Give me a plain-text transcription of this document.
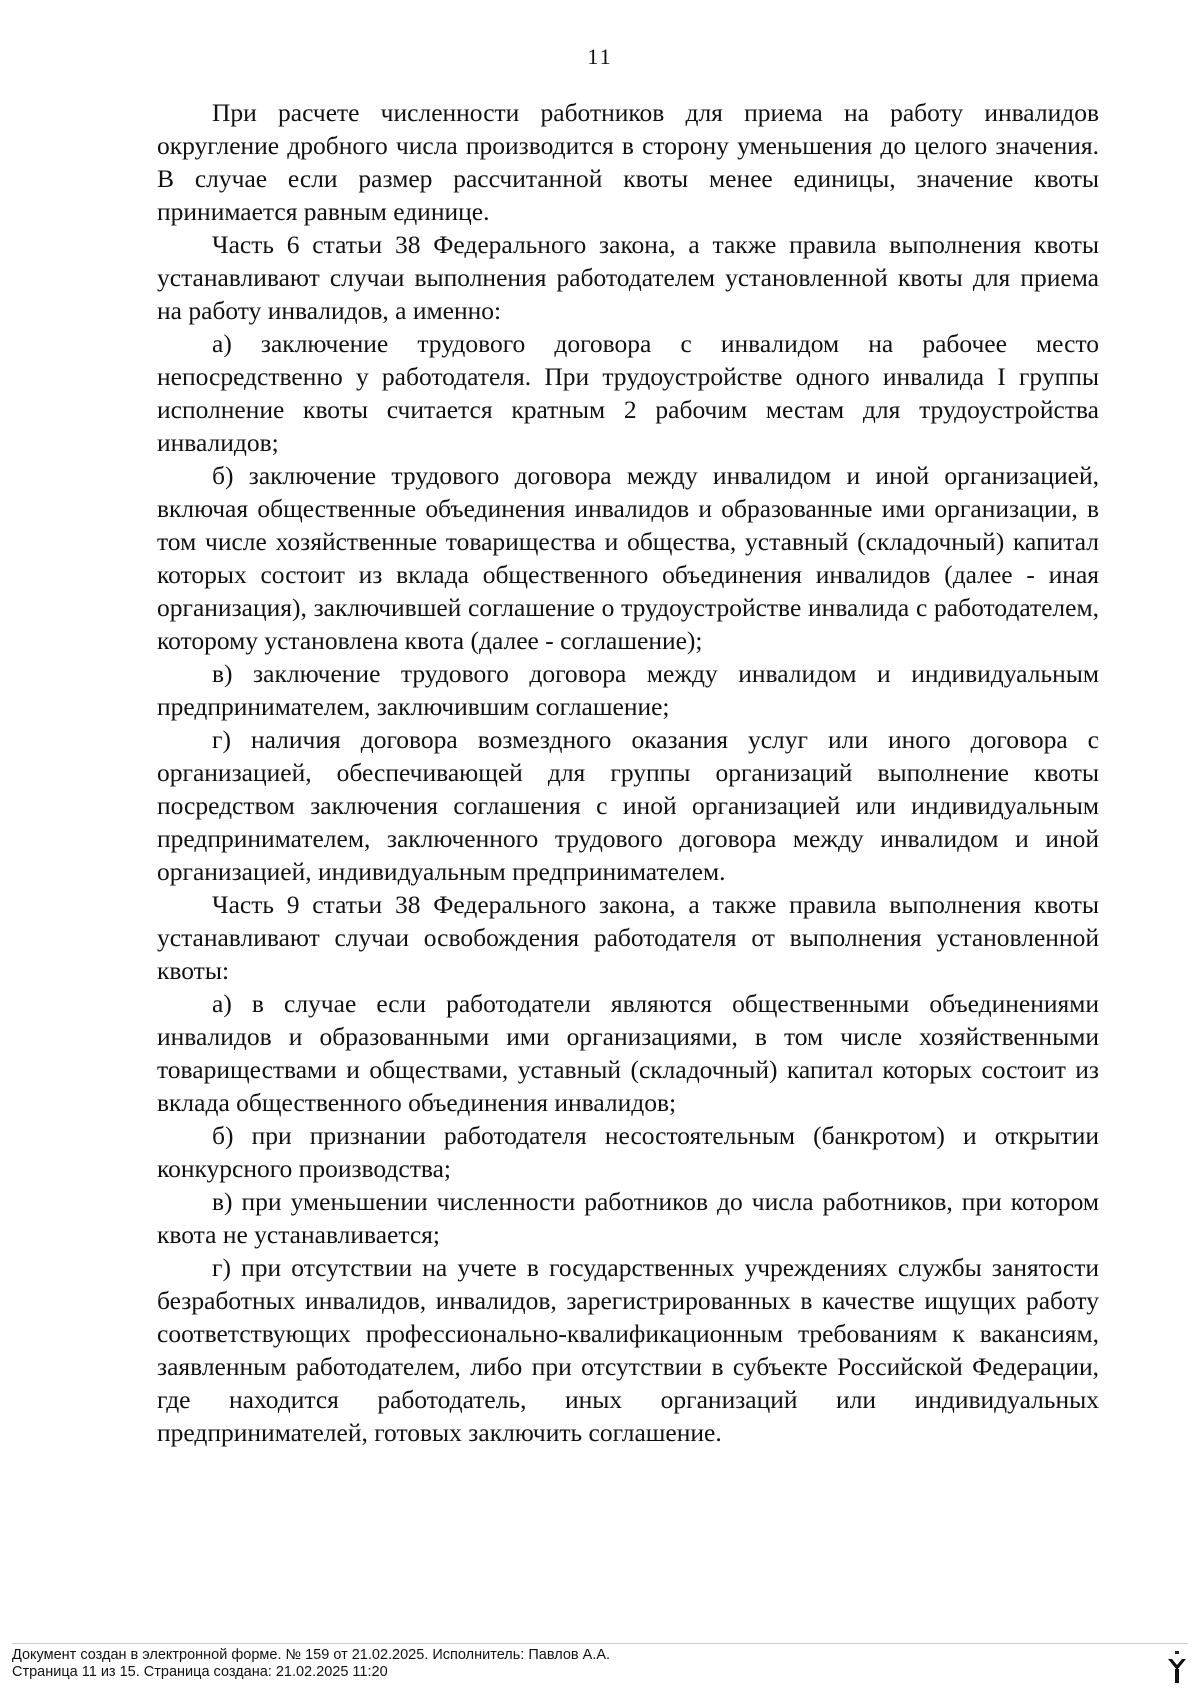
11

При расчете численности работников для приема на работу инвалидов округление дробного числа производится в сторону уменьшения до целого значения. В случае если размер рассчитанной квоты менее единицы, значение квоты принимается равным единице.

Часть 6 статьи 38 Федерального закона, а также правила выполнения квоты устанавливают случаи выполнения работодателем установленной квоты для приема на работу инвалидов, а именно:

а) заключение трудового договора с инвалидом на рабочее место непосредственно у работодателя. При трудоустройстве одного инвалида I группы исполнение квоты считается кратным 2 рабочим местам для трудоустройства инвалидов;

б) заключение трудового договора между инвалидом и иной организацией, включая общественные объединения инвалидов и образованные ими организации, в том числе хозяйственные товарищества и общества, уставный (складочный) капитал которых состоит из вклада общественного объединения инвалидов (далее - иная организация), заключившей соглашение о трудоустройстве инвалида с работодателем, которому установлена квота (далее - соглашение);

в) заключение трудового договора между инвалидом и индивидуальным предпринимателем, заключившим соглашение;

г) наличия договора возмездного оказания услуг или иного договора с организацией, обеспечивающей для группы организаций выполнение квоты посредством заключения соглашения с иной организацией или индивидуальным предпринимателем, заключенного трудового договора между инвалидом и иной организацией, индивидуальным предпринимателем.

Часть 9 статьи 38 Федерального закона, а также правила выполнения квоты устанавливают случаи освобождения работодателя от выполнения установленной квоты:

а) в случае если работодатели являются общественными объединениями инвалидов и образованными ими организациями, в том числе хозяйственными товариществами и обществами, уставный (складочный) капитал которых состоит из вклада общественного объединения инвалидов;

б) при признании работодателя несостоятельным (банкротом) и открытии конкурсного производства;

в) при уменьшении численности работников до числа работников, при котором квота не устанавливается;

г) при отсутствии на учете в государственных учреждениях службы занятости безработных инвалидов, инвалидов, зарегистрированных в качестве ищущих работу соответствующих профессионально-квалификационным требованиям к вакансиям, заявленным работодателем, либо при отсутствии в субъекте Российской Федерации, где находится работодатель, иных организаций или индивидуальных предпринимателей, готовых заключить соглашение.

Документ создан в электронной форме. № 159 от 21.02.2025. Исполнитель: Павлов А.А.
Страница 11 из 15. Страница создана: 21.02.2025 11:20
